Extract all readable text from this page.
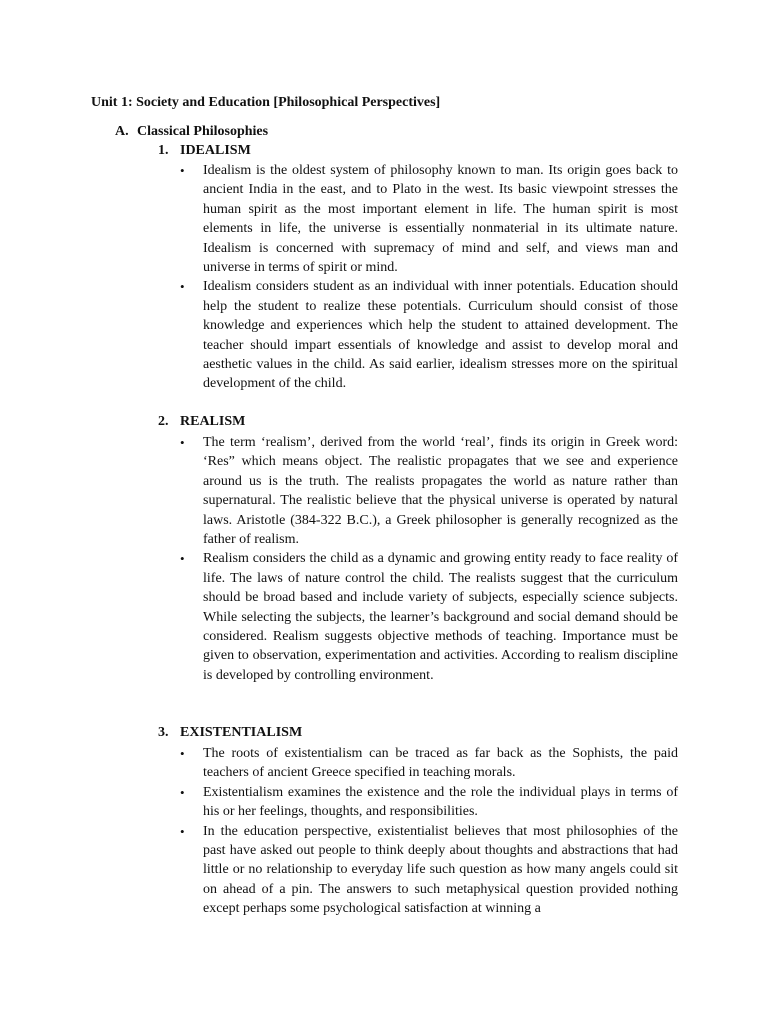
Unit 1: Society and Education [Philosophical Perspectives]
A. Classical Philosophies
1. IDEALISM
• Idealism is the oldest system of philosophy known to man. Its origin goes back to ancient India in the east, and to Plato in the west. Its basic viewpoint stresses the human spirit as the most important element in life. The human spirit is most elements in life, the universe is essentially nonmaterial in its ultimate nature. Idealism is concerned with supremacy of mind and self, and views man and universe in terms of spirit or mind.
• Idealism considers student as an individual with inner potentials. Education should help the student to realize these potentials. Curriculum should consist of those knowledge and experiences which help the student to attained development. The teacher should impart essentials of knowledge and assist to develop moral and aesthetic values in the child. As said earlier, idealism stresses more on the spiritual development of the child.
2. REALISM
• The term ‘realism’, derived from the world ‘real’, finds its origin in Greek word: ‘Res” which means object. The realistic propagates that we see and experience around us is the truth. The realists propagates the world as nature rather than supernatural. The realistic believe that the physical universe is operated by natural laws. Aristotle (384-322 B.C.), a Greek philosopher is generally recognized as the father of realism.
• Realism considers the child as a dynamic and growing entity ready to face reality of life. The laws of nature control the child. The realists suggest that the curriculum should be broad based and include variety of subjects, especially science subjects. While selecting the subjects, the learner’s background and social demand should be considered. Realism suggests objective methods of teaching. Importance must be given to observation, experimentation and activities. According to realism discipline is developed by controlling environment.
3. EXISTENTIALISM
• The roots of existentialism can be traced as far back as the Sophists, the paid teachers of ancient Greece specified in teaching morals.
• Existentialism examines the existence and the role the individual plays in terms of his or her feelings, thoughts, and responsibilities.
• In the education perspective, existentialist believes that most philosophies of the past have asked out people to think deeply about thoughts and abstractions that had little or no relationship to everyday life such question as how many angels could sit on ahead of a pin. The answers to such metaphysical question provided nothing except perhaps some psychological satisfaction at winning a
